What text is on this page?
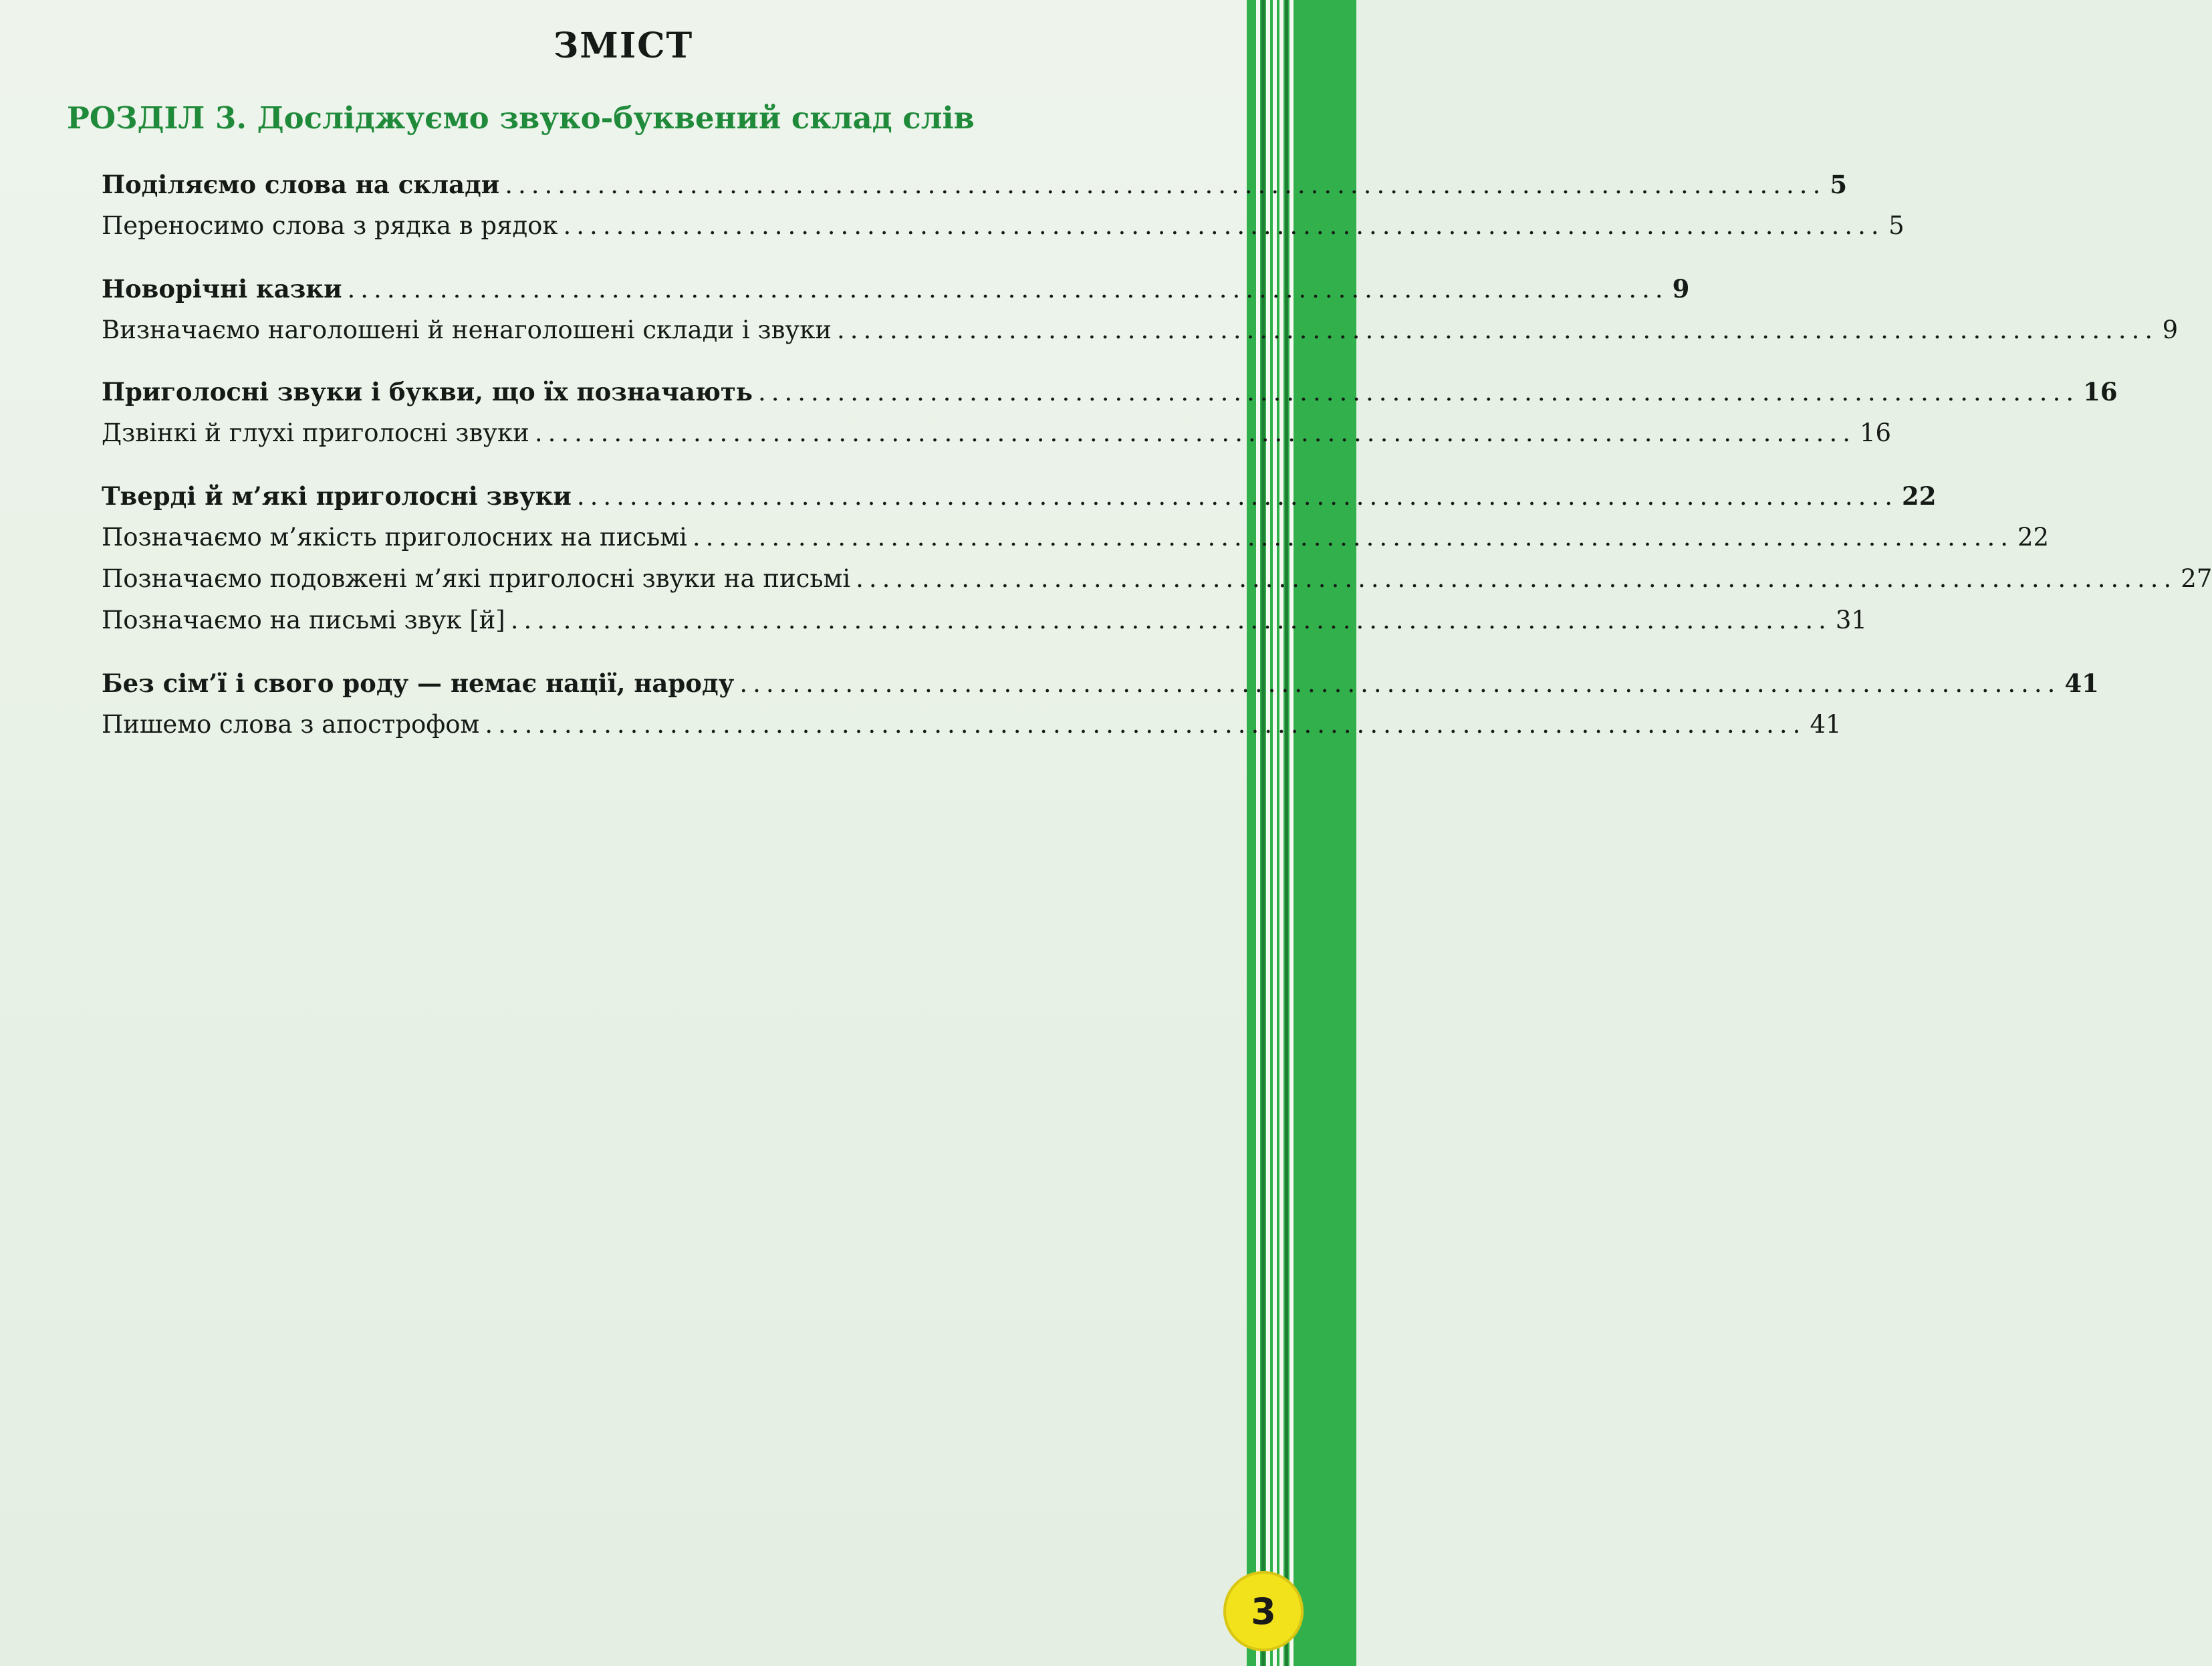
ЗМІСТ
РОЗДІЛ 3. Досліджуємо звуко-буквений склад слів
Поділяємо слова на склади .................................................................................................... 5
Переносимо слова з рядка в рядок .................................................................................................... 5
Новорічні казки .................................................................................................... 9
Визначаємо наголошені й ненаголошені склади і звуки .................................................................................................... 9
Приголосні звуки і букви, що їх позначають .................................................................................................... 16
Дзвінкі й глухі приголосні звуки .................................................................................................... 16
Тверді й м’які приголосні звуки .................................................................................................... 22
Позначаємо м’якість приголосних на письмі .................................................................................................... 22
Позначаємо подовжені м’які приголосні звуки на письмі .................................................................................................... 27
Позначаємо на письмі звук [й] .................................................................................................... 31
Без сім’ї і свого роду — немає нації, народу .................................................................................................... 41
Пишемо слова з апострофом .................................................................................................... 41
3
